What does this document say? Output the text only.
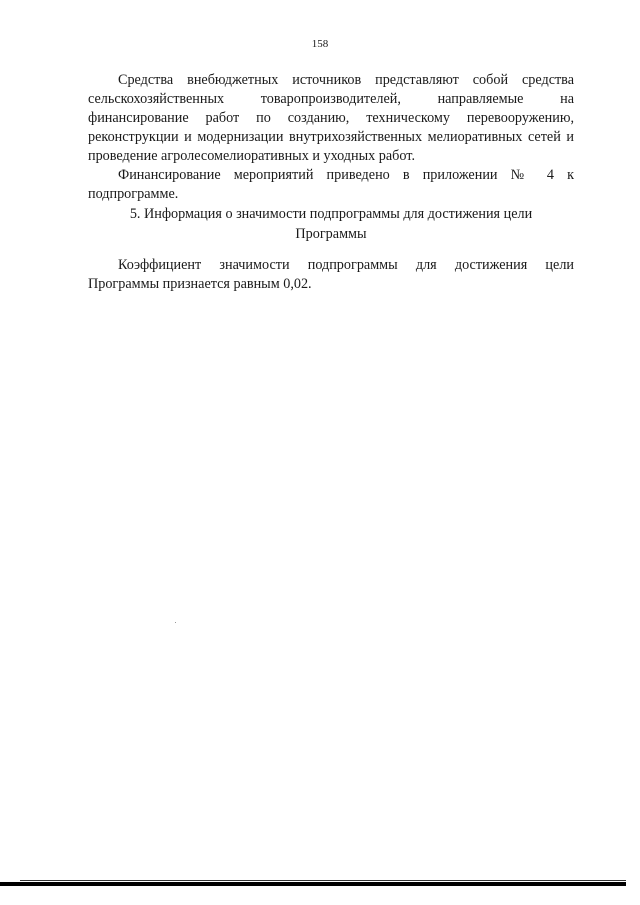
158

Средства внебюджетных источников представляют собой средства сельскохозяйственных товаропроизводителей, направляемые на финансирование работ по созданию, техническому перевооружению, реконструкции и модернизации внутрихозяйственных мелиоративных сетей и проведение агролесомелиоративных и уходных работ.

Финансирование мероприятий приведено в приложении № 4 к подпрограмме.

5. Информация о значимости подпрограммы для достижения цели
Программы

Коэффициент значимости подпрограммы для достижения цели Программы признается равным 0,02.
